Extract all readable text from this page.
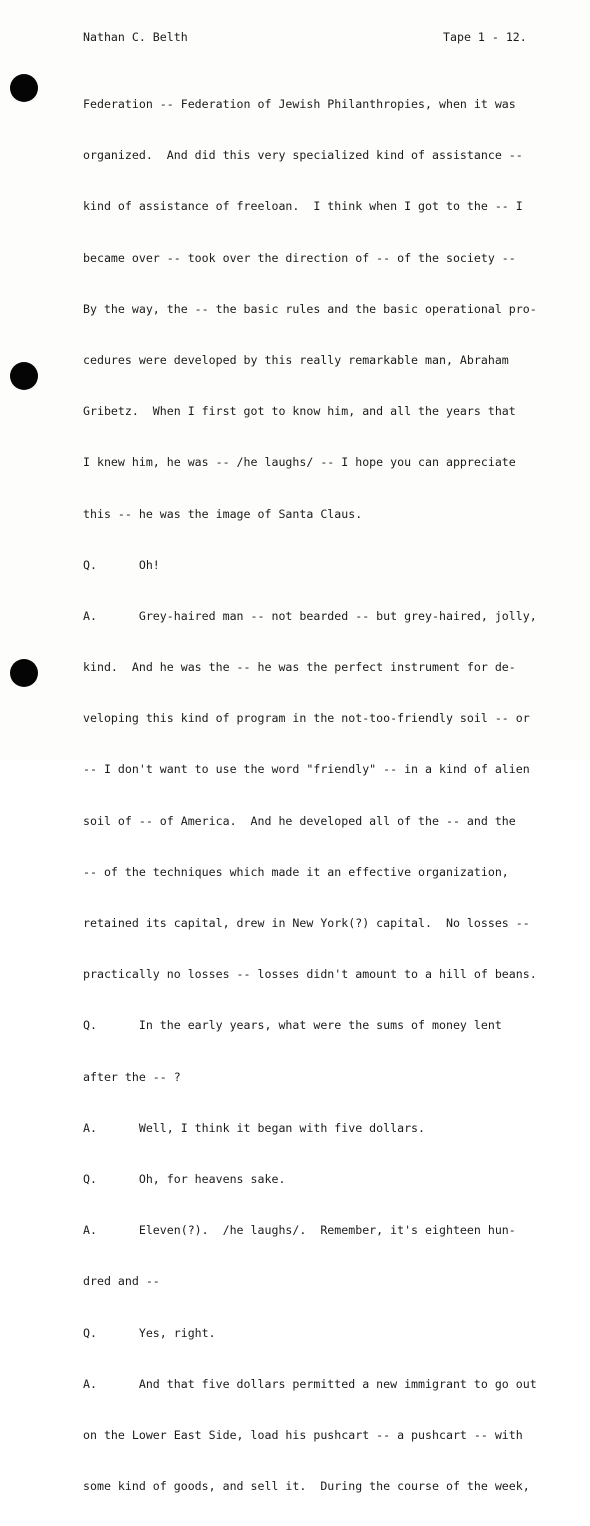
Nathan C. Belth	Tape 1 - 12.

Federation -- Federation of Jewish Philanthropies, when it was

organized.  And did this very specialized kind of assistance --

kind of assistance of freeloan.  I think when I got to the -- I

became over -- took over the direction of -- of the society --

By the way, the -- the basic rules and the basic operational pro-

cedures were developed by this really remarkable man, Abraham

Gribetz.  When I first got to know him, and all the years that

I knew him, he was -- /he laughs/ -- I hope you can appreciate

this -- he was the image of Santa Claus.

Q.      Oh!

A.      Grey-haired man -- not bearded -- but grey-haired, jolly,

kind.  And he was the -- he was the perfect instrument for de-

veloping this kind of program in the not-too-friendly soil -- or

-- I don't want to use the word "friendly" -- in a kind of alien

soil of -- of America.  And he developed all of the -- and the

-- of the techniques which made it an effective organization,

retained its capital, drew in New York(?) capital.  No losses --

practically no losses -- losses didn't amount to a hill of beans.

Q.      In the early years, what were the sums of money lent

after the -- ?

A.      Well, I think it began with five dollars.

Q.      Oh, for heavens sake.

A.      Eleven(?).  /he laughs/.  Remember, it's eighteen hun-

dred and --

Q.      Yes, right.

A.      And that five dollars permitted a new immigrant to go out

on the Lower East Side, load his pushcart -- a pushcart -- with

some kind of goods, and sell it.  During the course of the week,
